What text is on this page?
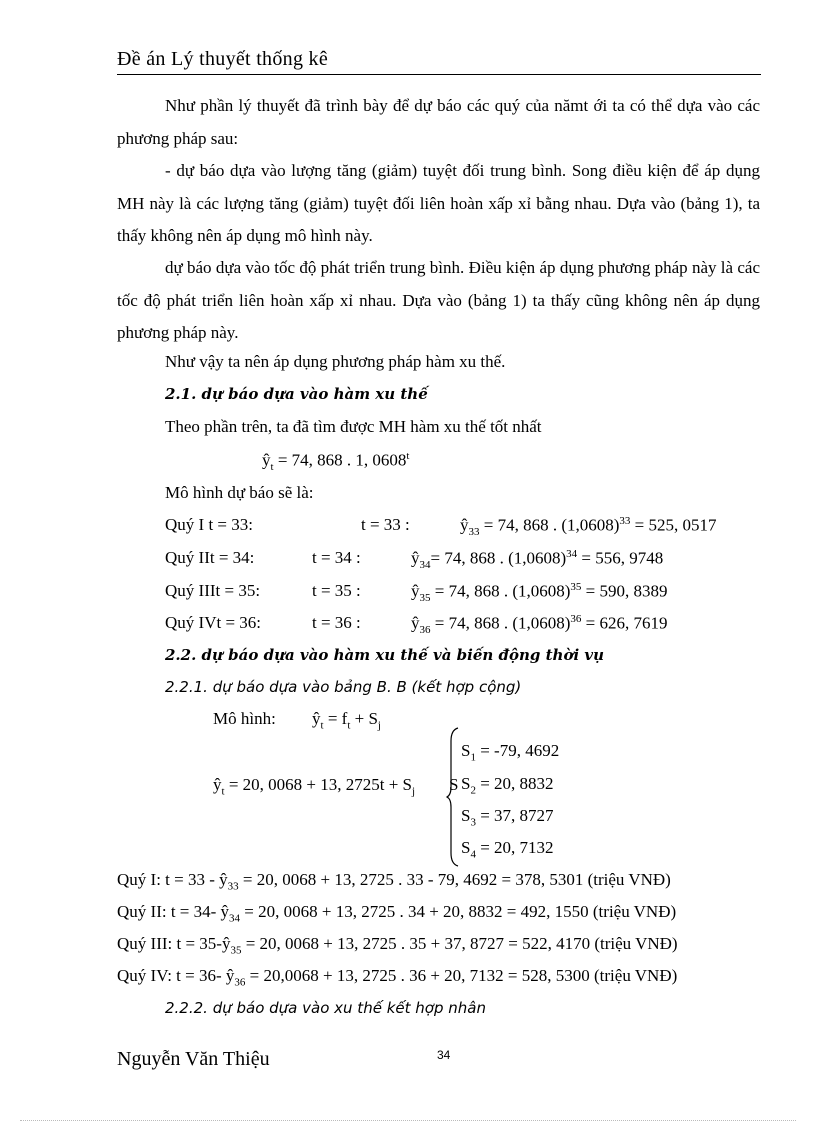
Đề án Lý thuyết thống kê
Như phần lý thuyết đã trình bày để dự báo các quý của nămt ới ta có thể dựa vào các phương pháp sau:
- dự báo dựa vào lượng tăng (giảm) tuyệt đối trung bình. Song điều kiện để áp dụng MH này là các lượng tăng (giảm) tuyệt đối liên hoàn xấp xỉ bằng nhau. Dựa vào (bảng 1), ta thấy không nên áp dụng mô hình này.
dự báo dựa vào tốc độ phát triển trung bình. Điều kiện áp dụng phương pháp này là các tốc độ phát triển liên hoàn xấp xỉ nhau. Dựa vào (bảng 1) ta thấy cũng không nên áp dụng phương pháp này.
Như vậy ta nên áp dụng phương pháp hàm xu thế.
2.1. dự báo dựa vào hàm xu thế
Theo phần trên, ta đã tìm được MH hàm xu thế tốt nhất
$ŷ_t = 74$, 868 . 1, 0608$^t$
Mô hình dự báo sẽ là:
Quý I t = 33:	t = 33 :	$ŷ_{33} = 74$, 868 . $(1,0608)^{33} = 525$, 0517
Quý IIt = 34:	t = 34 :	$ŷ_{34}= 74$, 868 . $(1,0608)^{34} = 556$, 9748
Quý IIIt = 35:	t = 35 :	$ŷ_{35} = 74$, 868 . $(1,0608)^{35} = 590$, 8389
Quý IVt = 36:	t = 36 :	$ŷ_{36} = 74$, 868 . $(1,0608)^{36} = 626$, 7619
2.2. dự báo dựa vào hàm xu thế và biến động thời vụ
2.2.1. dự báo dựa vào bảng B. B (kết hợp cộng)
Mô hình: $ŷ_t = f_t + S_j$
$ŷ_t = 20$, 0068 + 13, $2725t + S_j$ S
$S_1 = -79$, 4692
$S_2 = 20$, 8832
$S_3 = 37$, 8727
$S_4 = 20$, 7132
Quý I: $t = 33 - ŷ_{33} = 20$, 0068 + 13, 2725 . 33 - 79, 4692 = 378, 5301 (triệu VNĐ)
Quý II: t = 34- $ŷ_{34} = 20$, 0068 + 13, 2725 . 34 + 20, 8832 = 492, 1550 (triệu VNĐ)
Quý III: $t = 35-ŷ_{35} = 20$, 0068 + 13, 2725 . 35 + 37, 8727 = 522, 4170 (triệu VNĐ)
Quý IV: t = 36- $ŷ_{36} = 20,0068 + 13$, 2725 . 36 + 20, 7132 = 528, 5300 (triệu VNĐ)
2.2.2. dự báo dựa vào xu thế kết hợp nhân
Nguyễn Văn Thiệu	34
